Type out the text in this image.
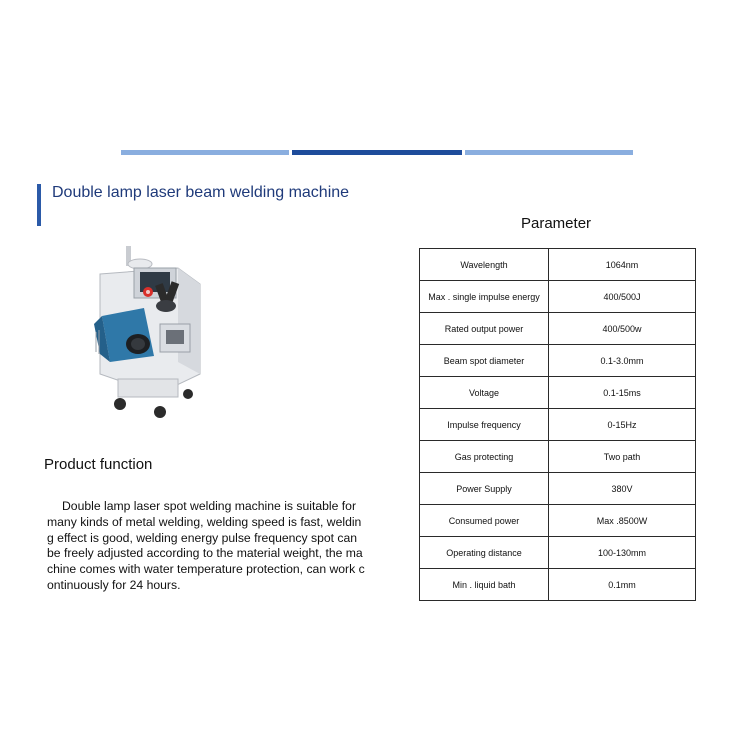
Double lamp laser beam welding machine
Product function
Double lamp laser spot welding machine is suitable for many kinds of metal welding, welding speed is fast, welding effect is good, welding energy pulse frequency spot can be freely adjusted according to the material weight, the machine comes with water temperature protection, can work continuously for 24 hours.
Parameter
Wavelength	1064nm
Max . single impulse energy	400/500J
Rated output power	400/500w
Beam spot diameter	0.1-3.0mm
Voltage	0.1-15ms
Impulse frequency	0-15Hz
Gas protecting	Two path
Power Supply	380V
Consumed power	Max .8500W
Operating distance	100-130mm
Min . liquid bath	0.1mm
